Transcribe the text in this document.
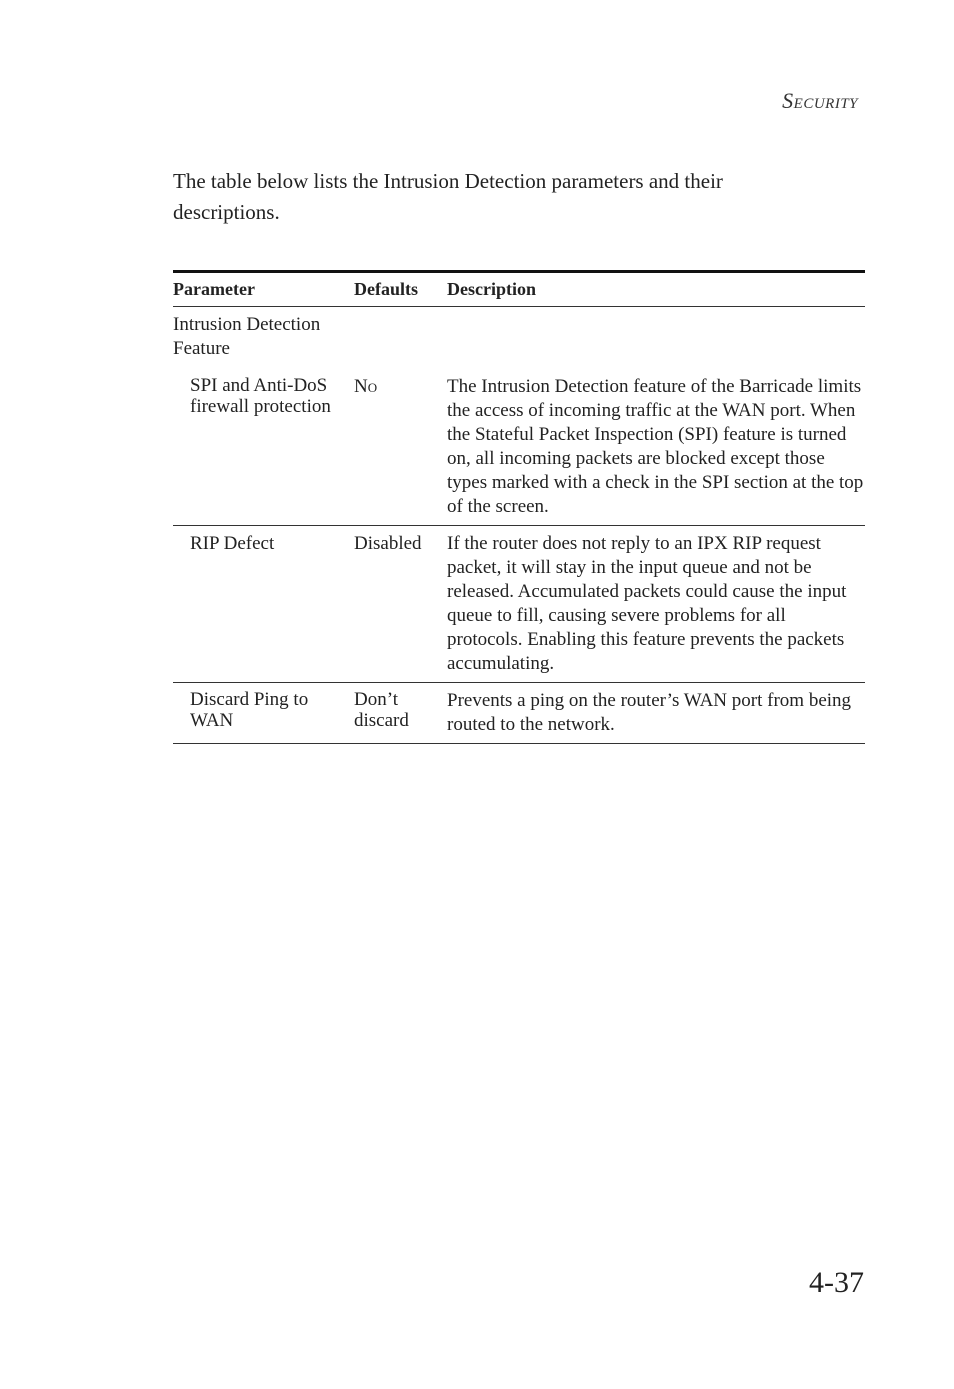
Security

The table below lists the Intrusion Detection parameters and their descriptions.

Parameter	Defaults	Description
Intrusion Detection Feature		
SPI and Anti-DoS firewall protection	No	The Intrusion Detection feature of the Barricade limits the access of incoming traffic at the WAN port. When the Stateful Packet Inspection (SPI) feature is turned on, all incoming packets are blocked except those types marked with a check in the SPI section at the top of the screen.
RIP Defect	Disabled	If the router does not reply to an IPX RIP request packet, it will stay in the input queue and not be released. Accumulated packets could cause the input queue to fill, causing severe problems for all protocols. Enabling this feature prevents the packets accumulating.
Discard Ping to WAN	Don’t discard	Prevents a ping on the router’s WAN port from being routed to the network.
4-37
